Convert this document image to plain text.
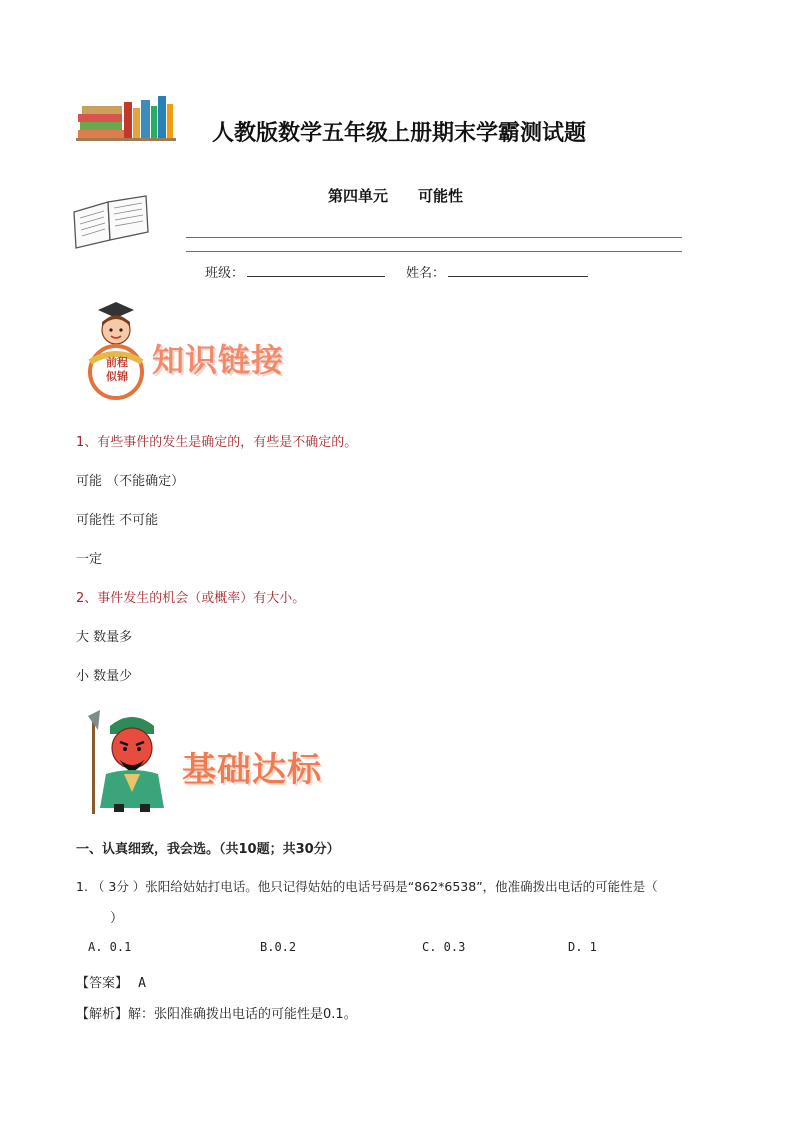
人教版数学五年级上册期末学霸测试题
第四单元 可能性
班级：	姓名：
前程
似锦 知识链接
1、有些事件的发生是确定的，有些是不确定的。
可能 （不能确定）
可能性 不可能
一定
2、事件发生的机会（或概率）有大小。
大 数量多
小 数量少
基础达标
一、认真细致，我会选。（共10题；共30分）
1. （ 3分 ）张阳给姑姑打电话。他只记得姑姑的电话号码是“862*6538”，他准确拨出电话的可能性是（
）
A. 0.1	B.0.2	C. 0.3	D. 1
【答案】 A
【解析】解：张阳准确拨出电话的可能性是0.1。
